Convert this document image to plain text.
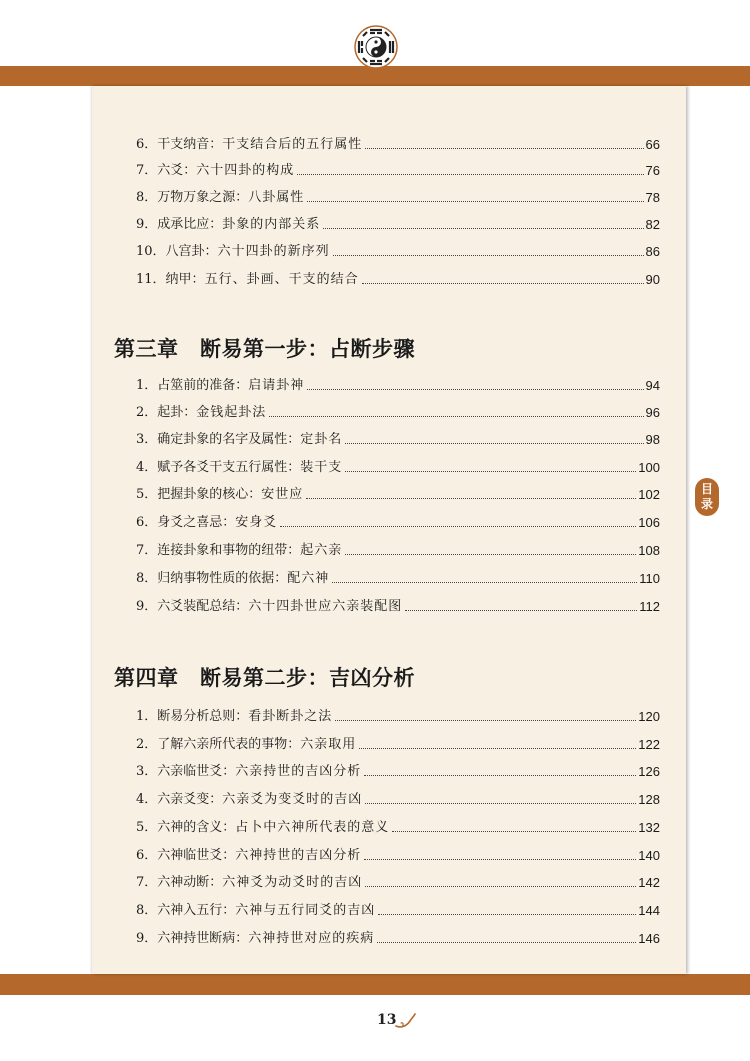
6． 干支纳音： 干支结合后的五行属性	66
7． 六爻： 六十四卦的构成	76
8． 万物万象之源： 八卦属性	78
9． 成承比应： 卦象的内部关系	82
10． 八宫卦： 六十四卦的新序列	86
11． 纳甲： 五行、卦画、干支的结合	90
第三章　断易第一步：占断步骤
1． 占筮前的准备： 启请卦神	94
2． 起卦： 金钱起卦法	96
3． 确定卦象的名字及属性： 定卦名	98
4． 赋予各爻干支五行属性： 装干支	100
5． 把握卦象的核心： 安世应	102
6． 身爻之喜忌： 安身爻	106
7． 连接卦象和事物的纽带： 起六亲	108
8． 归纳事物性质的依据： 配六神	110
9． 六爻装配总结： 六十四卦世应六亲装配图	112
第四章　断易第二步：吉凶分析
1． 断易分析总则： 看卦断卦之法	120
2． 了解六亲所代表的事物： 六亲取用	122
3． 六亲临世爻： 六亲持世的吉凶分析	126
4． 六亲爻变： 六亲爻为变爻时的吉凶	128
5． 六神的含义： 占卜中六神所代表的意义	132
6． 六神临世爻： 六神持世的吉凶分析	140
7． 六神动断： 六神爻为动爻时的吉凶	142
8． 六神入五行： 六神与五行同爻的吉凶	144
9． 六神持世断病： 六神持世对应的疾病	146
目
录
13
